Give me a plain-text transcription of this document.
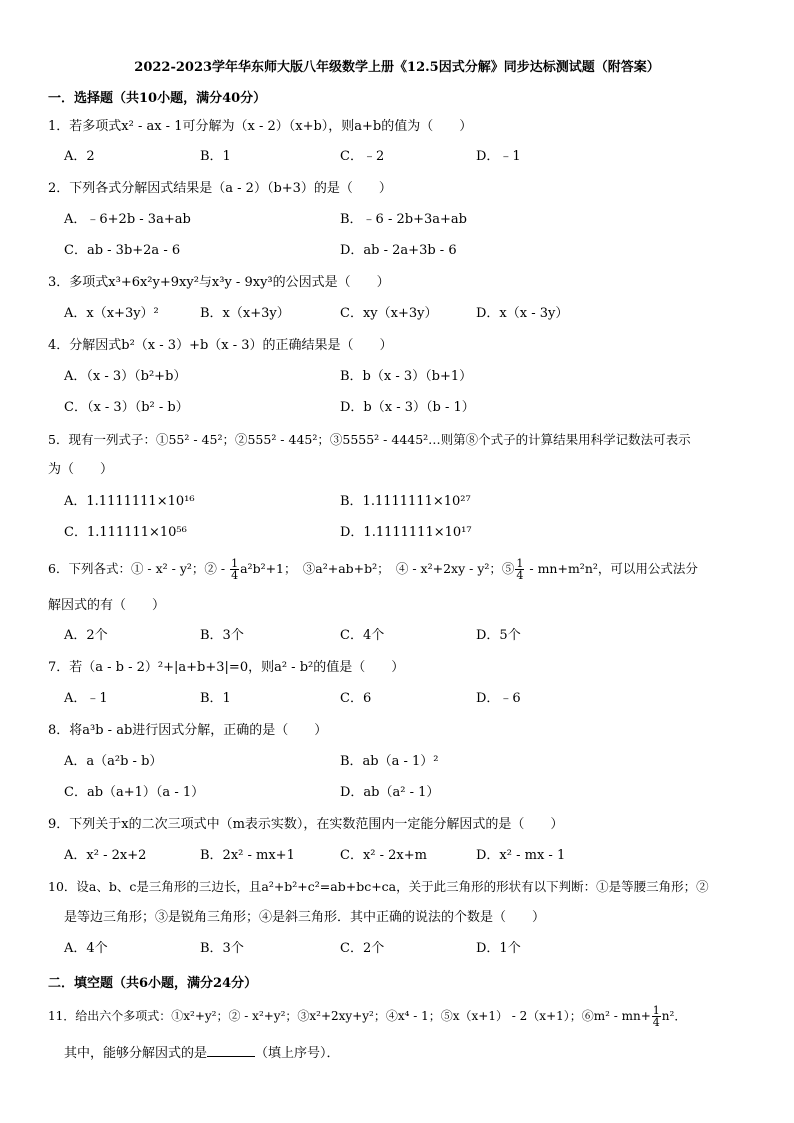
2022-2023学年华东师大版八年级数学上册《12.5因式分解》同步达标测试题（附答案）
一．选择题（共10小题，满分40分）
1．若多项式x² - ax - 1可分解为（x - 2）（x+b），则a+b的值为（　　）
A．2	B．1	C．﹣2	D．﹣1
2．下列各式分解因式结果是（a - 2）（b+3）的是（　　）
A．﹣6+2b - 3a+ab	B．﹣6 - 2b+3a+ab
C．ab - 3b+2a - 6	D．ab - 2a+3b - 6
3．多项式x³+6x²y+9xy²与x³y - 9xy³的公因式是（　　）
A．x（x+3y）²	B．x（x+3y）	C．xy（x+3y）	D．x（x - 3y）
4．分解因式b²（x - 3）+b（x - 3）的正确结果是（　　）
A．（x - 3）（b²+b）	B．b（x - 3）（b+1）
C．（x - 3）（b² - b）	D．b（x - 3）（b - 1）
5．现有一列式子：①55² - 45²；②555² - 445²；③5555² - 4445²…则第⑧个式子的计算结果用科学记数法可表示
为（　　）
A．1.1111111×10¹⁶	B．1.1111111×10²⁷
C．1.111111×10⁵⁶	D．1.1111111×10¹⁷
6．下列各式：① - x² - y²；② - $\frac{1}{4} a^2b^2+1$；　③a²+ab+b²；　④ - x²+2xy - y²；⑤ $\frac{1}{4} - mn+m^2n^2$，可以用公式法分
解因式的有（　　）
A．2个	B．3个	C．4个	D．5个
7．若（a - b - 2）²+|a+b+3|=0，则a² - b²的值是（　　）
A．﹣1	B．1	C．6	D．﹣6
8．将a³b - ab进行因式分解，正确的是（　　）
A．a（a²b - b）	B．ab（a - 1）²
C．ab（a+1）（a - 1）	D．ab（a² - 1）
9．下列关于x的二次三项式中（m表示实数），在实数范围内一定能分解因式的是（　　）
A．x² - 2x+2	B．2x² - mx+1	C．x² - 2x+m	D．x² - mx - 1
10．设a、b、c是三角形的三边长，且a²+b²+c²=ab+bc+ca，关于此三角形的形状有以下判断：①是等腰三角形；②
是等边三角形；③是锐角三角形；④是斜三角形．其中正确的说法的个数是（　　）
A．4个	B．3个	C．2个	D．1个
二．填空题（共6小题，满分24分）
11．给出六个多项式：①x²+y²；② - x²+y²；③x²+2xy+y²；④x⁴ - 1；⑤x（x+1） - 2（x+1）；⑥m² - $mn+ \frac{1}{4} n^2$．
其中，能够分解因式的是	（填上序号）．
